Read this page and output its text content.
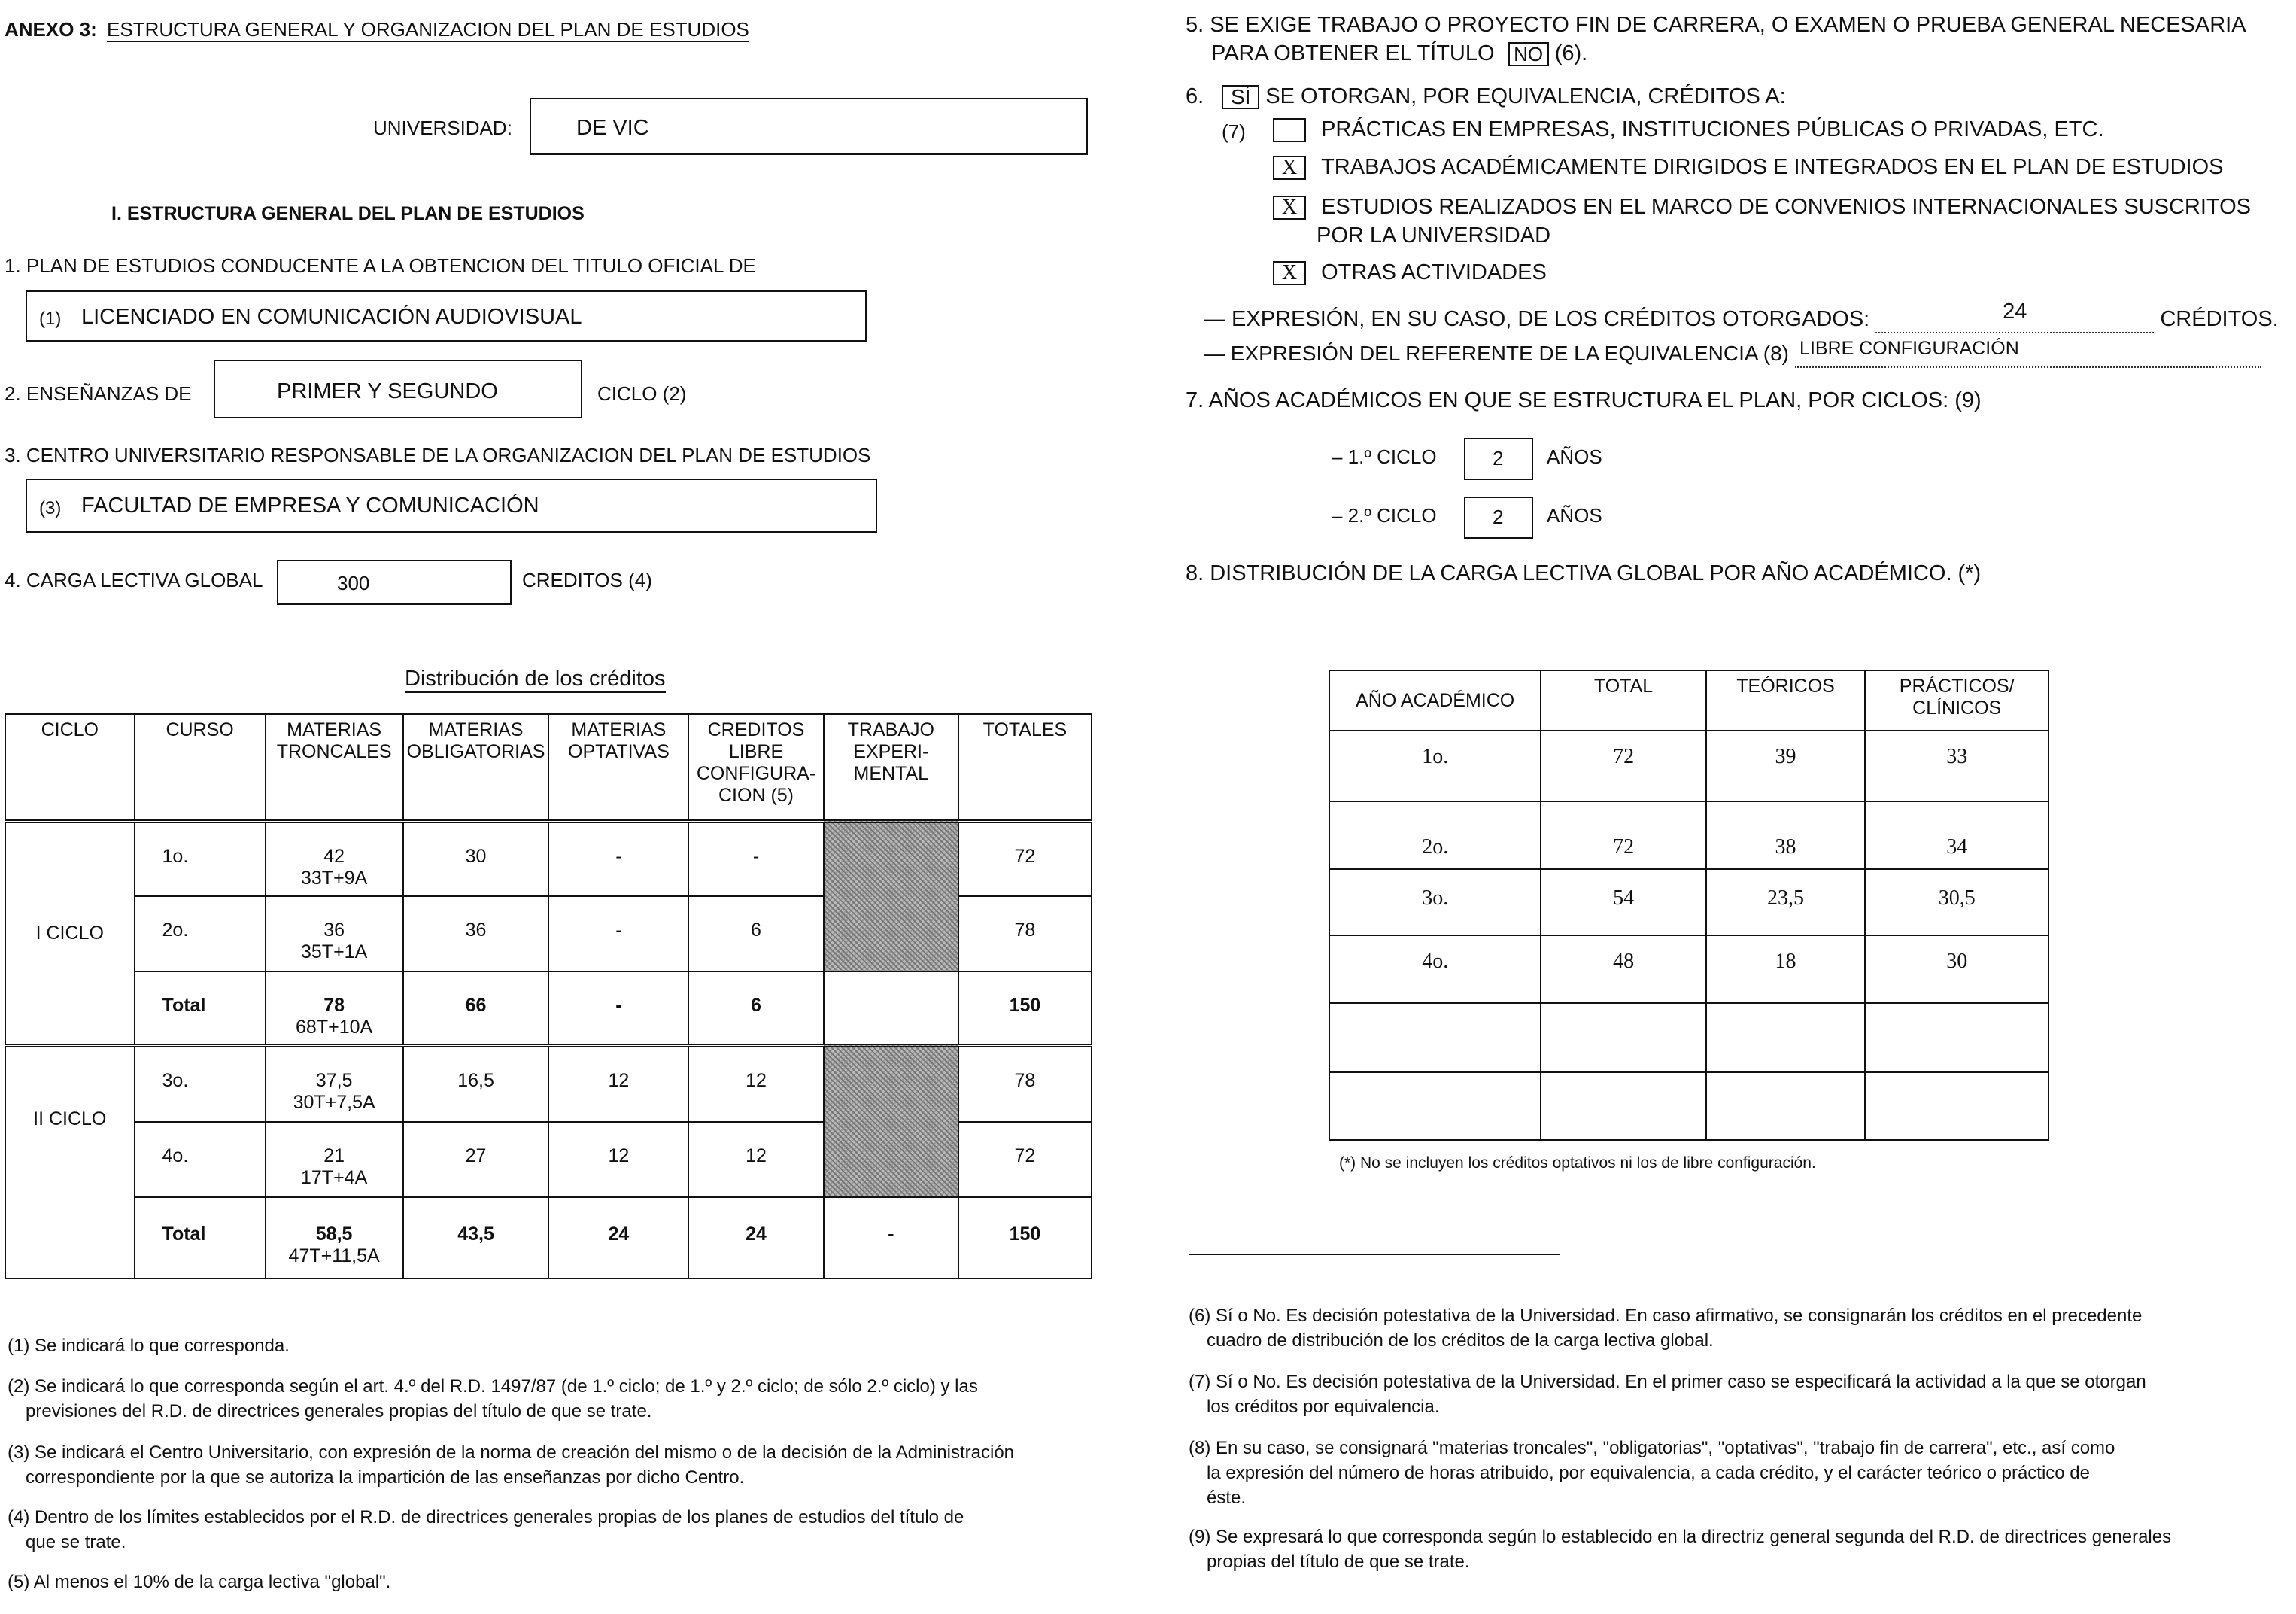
ANEXO 3: ESTRUCTURA GENERAL Y ORGANIZACION DEL PLAN DE ESTUDIOS
UNIVERSIDAD:	DE VIC
I. ESTRUCTURA GENERAL DEL PLAN DE ESTUDIOS
1. PLAN DE ESTUDIOS CONDUCENTE A LA OBTENCION DEL TITULO OFICIAL DE
(1) LICENCIADO EN COMUNICACIÓN AUDIOVISUAL
2. ENSEÑANZAS DE	PRIMER Y SEGUNDO	CICLO (2)
3. CENTRO UNIVERSITARIO RESPONSABLE DE LA ORGANIZACION DEL PLAN DE ESTUDIOS
(3) FACULTAD DE EMPRESA Y COMUNICACIÓN
4. CARGA LECTIVA GLOBAL	300	CREDITOS (4)
Distribución de los créditos
CICLO	CURSO	MATERIAS TRONCALES	MATERIAS OBLIGATORIAS	MATERIAS OPTATIVAS	CREDITOS LIBRE CONFIGURA- CION (5)	TRABAJO EXPERI- MENTAL	TOTALES
I CICLO	1o.	42
33T+9A	30	-	-		72
	2o.	36
35T+1A	36	-	6		78
	Total	78
68T+10A	66	-	6		150
II CICLO	3o.	37,5
30T+7,5A	16,5	12	12		78
	4o.	21
17T+4A	27	12	12		72
	Total	58,5
47T+11,5A	43,5	24	24	-	150
(1) Se indicará lo que corresponda.
(2) Se indicará lo que corresponda según el art. 4.º del R.D. 1497/87 (de 1.º ciclo; de 1.º y 2.º ciclo; de sólo 2.º ciclo) y las
previsiones del R.D. de directrices generales propias del título de que se trate.
(3) Se indicará el Centro Universitario, con expresión de la norma de creación del mismo o de la decisión de la Administración
correspondiente por la que se autoriza la impartición de las enseñanzas por dicho Centro.
(4) Dentro de los límites establecidos por el R.D. de directrices generales propias de los planes de estudios del título de
que se trate.
(5) Al menos el 10% de la carga lectiva "global".
5. SE EXIGE TRABAJO O PROYECTO FIN DE CARRERA, O EXAMEN O PRUEBA GENERAL NECESARIA
PARA OBTENER EL TÍTULO NO (6).
6. SÍ SE OTORGAN, POR EQUIVALENCIA, CRÉDITOS A:
(7)	PRÁCTICAS EN EMPRESAS, INSTITUCIONES PÚBLICAS O PRIVADAS, ETC.
X TRABAJOS ACADÉMICAMENTE DIRIGIDOS E INTEGRADOS EN EL PLAN DE ESTUDIOS
X ESTUDIOS REALIZADOS EN EL MARCO DE CONVENIOS INTERNACIONALES SUSCRITOS
POR LA UNIVERSIDAD
X OTRAS ACTIVIDADES
— EXPRESIÓN, EN SU CASO, DE LOS CRÉDITOS OTORGADOS:	24	CRÉDITOS.
— EXPRESIÓN DEL REFERENTE DE LA EQUIVALENCIA (8) LIBRE CONFIGURACIÓN
7. AÑOS ACADÉMICOS EN QUE SE ESTRUCTURA EL PLAN, POR CICLOS: (9)
– 1.º CICLO	2 AÑOS
– 2.º CICLO	2 AÑOS
8. DISTRIBUCIÓN DE LA CARGA LECTIVA GLOBAL POR AÑO ACADÉMICO. (*)
AÑO ACADÉMICO	TOTAL	TEÓRICOS	PRÁCTICOS/ CLÍNICOS
1o.	72	39	33
2o.	72	38	34
3o.	54	23,5	30,5
4o.	48	18	30

(*) No se incluyen los créditos optativos ni los de libre configuración.
(6) Sí o No. Es decisión potestativa de la Universidad. En caso afirmativo, se consignarán los créditos en el precedente
cuadro de distribución de los créditos de la carga lectiva global.
(7) Sí o No. Es decisión potestativa de la Universidad. En el primer caso se especificará la actividad a la que se otorgan
los créditos por equivalencia.
(8) En su caso, se consignará "materias troncales", "obligatorias", "optativas", "trabajo fin de carrera", etc., así como
la expresión del número de horas atribuido, por equivalencia, a cada crédito, y el carácter teórico o práctico de
éste.
(9) Se expresará lo que corresponda según lo establecido en la directriz general segunda del R.D. de directrices generales
propias del título de que se trate.
